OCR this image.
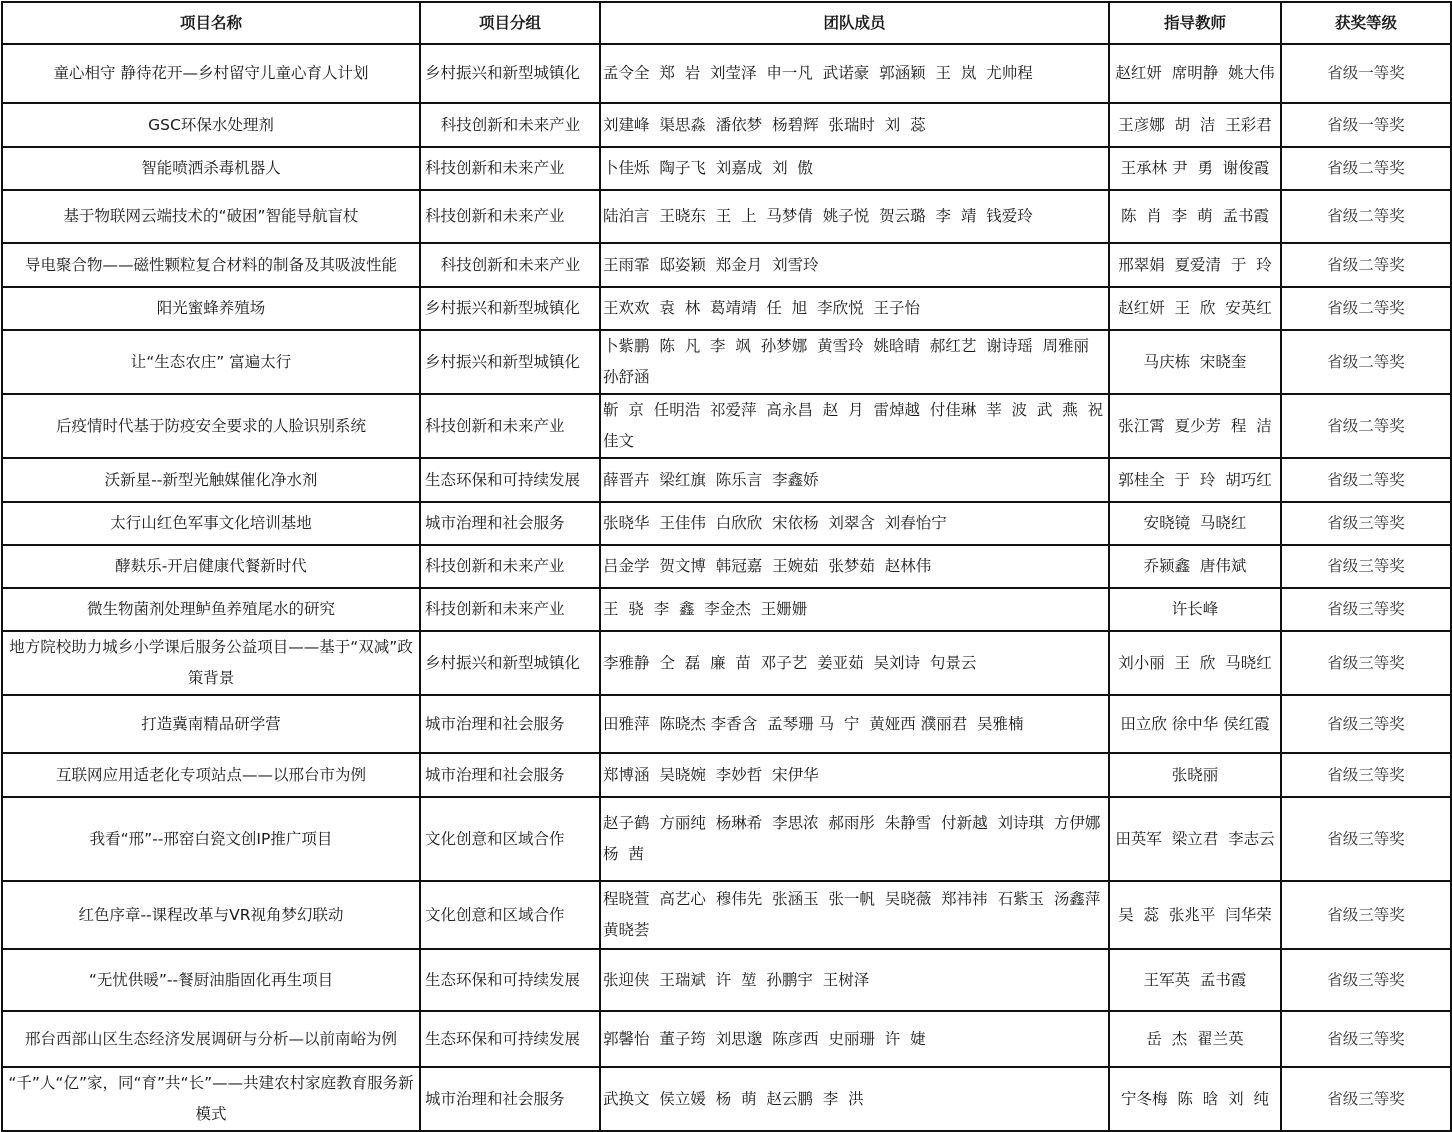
项目名称	项目分组	团队成员	指导教师	获奖等级
童心相守 静待花开—乡村留守儿童心育人计划	乡村振兴和新型城镇化	孟令全  郑  岩  刘莹泽  申一凡  武诺豪  郭涵颖  王  岚  尤帅程	赵红妍  席明静  姚大伟	省级一等奖
GSC环保水处理剂	科技创新和未来产业	刘建峰  渠思淼  潘依梦  杨碧辉  张瑞时  刘  蕊	王彦娜  胡  洁  王彩君	省级一等奖
智能喷洒杀毒机器人	科技创新和未来产业	卜佳烁  陶子飞  刘嘉成  刘  傲	王承林 尹  勇  谢俊霞	省级二等奖
基于物联网云端技术的“破困”智能导航盲杖	科技创新和未来产业	陆泊言  王晓东  王  上  马梦倩  姚子悦  贺云璐  李  靖  钱爱玲	陈  肖  李  萌  孟书霞	省级二等奖
导电聚合物——磁性颗粒复合材料的制备及其吸波性能	科技创新和未来产业	王雨霏  邸姿颖  郑金月  刘雪玲	邢翠娟  夏爱清  于  玲	省级二等奖
阳光蜜蜂养殖场	乡村振兴和新型城镇化	王欢欢  袁  林  葛靖靖  任  旭  李欣悦  王子怡	赵红妍  王  欣  安英红	省级二等奖
让“生态农庄” 富遍太行	乡村振兴和新型城镇化	卜紫鹏  陈  凡  李  飒  孙梦娜  黄雪玲  姚晗晴  郝红艺  谢诗瑶  周雅丽  孙舒涵	马庆栋  宋晓奎	省级二等奖
后疫情时代基于防疫安全要求的人脸识别系统	科技创新和未来产业	靳  京  任明浩  祁爱萍  高永昌  赵  月  雷焯越  付佳琳  莘  波  武  燕  祝佳文	张江霄  夏少芳  程  洁	省级二等奖
沃新星--新型光触媒催化净水剂	生态环保和可持续发展	薛晋卉  梁红旗  陈乐言  李鑫娇	郭桂全  于  玲  胡巧红	省级二等奖
太行山红色军事文化培训基地	城市治理和社会服务	张晓华  王佳伟  白欣欣  宋依杨  刘翠含  刘春怡宁	安晓镜  马晓红	省级三等奖
酵麸乐-开启健康代餐新时代	科技创新和未来产业	吕金学  贺文博  韩冠嘉  王婉茹  张梦茹  赵林伟	乔颍鑫  唐伟斌	省级三等奖
微生物菌剂处理鲈鱼养殖尾水的研究	科技创新和未来产业	王  骁  李  鑫  李金杰  王姗姗	许长峰	省级三等奖
地方院校助力城乡小学课后服务公益项目——基于“双减”政策背景	乡村振兴和新型城镇化	李雅静  仝  磊  廉  苗  邓子艺  姜亚茹  吴刘诗  句景云	刘小丽  王  欣  马晓红	省级三等奖
打造冀南精品研学营	城市治理和社会服务	田雅萍  陈晓杰 李香含  孟琴珊 马  宁  黄娅西 濮丽君  吴雅楠	田立欣 徐中华 侯红霞	省级三等奖
互联网应用适老化专项站点——以邢台市为例	城市治理和社会服务	郑博涵  吴晓婉  李妙哲  宋伊华	张晓丽	省级三等奖
我看“邢”--邢窑白瓷文创IP推广项目	文化创意和区域合作	赵子鹤  方丽纯  杨琳希  李思浓  郝雨彤  朱静雪  付新越  刘诗琪  方伊娜  杨  茜	田英军  梁立君  李志云	省级三等奖
红色序章--课程改革与VR视角梦幻联动	文化创意和区域合作	程晓萱  高艺心  穆伟先  张涵玉  张一帆  吴晓薇  郑祎祎  石紫玉  汤鑫萍  黄晓荟	吴  蕊  张兆平  闫华荣	省级三等奖
“无忧供暖”--餐厨油脂固化再生项目	生态环保和可持续发展	张迎侠  王瑞斌  许  堃  孙鹏宇  王树泽	王军英  孟书霞	省级三等奖
邢台西部山区生态经济发展调研与分析—以前南峪为例	生态环保和可持续发展	郭馨怡  董子筠  刘思邈  陈彦西  史丽珊  许  婕	岳  杰  翟兰英	省级三等奖
“千”人“亿”家，同“育”共“长”——共建农村家庭教育服务新模式	城市治理和社会服务	武换文  侯立媛  杨  萌  赵云鹏  李  洪	宁冬梅  陈  晗  刘  纯	省级三等奖
